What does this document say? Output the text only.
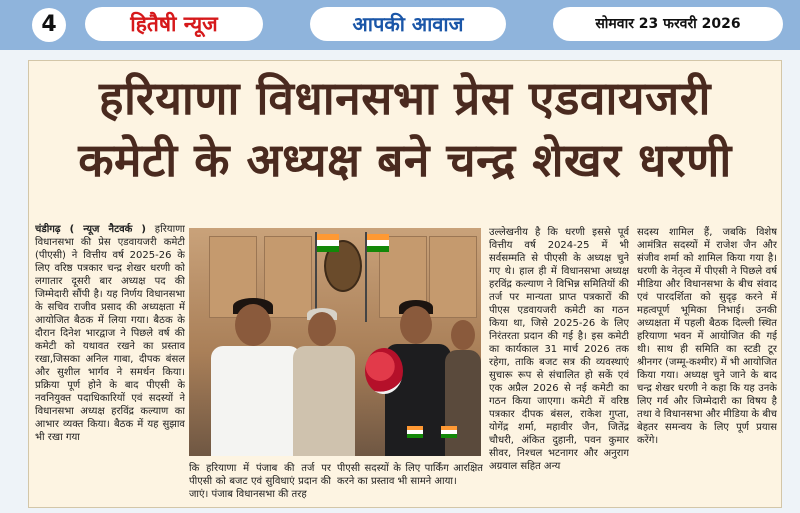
4	हितैषी न्यूज	आपकी आवाज	सोमवार 23 फरवरी 2026
हरियाणा विधानसभा प्रेस एडवायजरी
कमेटी के अध्यक्ष बने चन्द्र शेखर धरणी
चंडीगढ़ ( न्यूज नैटवर्क ) हरियाणा विधानसभा की प्रेस एडवायजरी कमेटी (पीएसी) ने वित्तीय वर्ष 2025-26 के लिए वरिष्ठ पत्रकार चन्द्र शेखर धरणी को लगातार दूसरी बार अध्यक्ष पद की जिम्मेदारी सौंपी है। यह निर्णय विधानसभा के सचिव राजीव प्रसाद की अध्यक्षता में आयोजित बैठक में लिया गया। बैठक के दौरान दिनेश भारद्वाज ने पिछले वर्ष की कमेटी को यथावत रखने का प्रस्ताव रखा,जिसका अनिल गाबा, दीपक बंसल और सुशील भार्गव ने समर्थन किया। प्रक्रिया पूर्ण होने के बाद पीएसी के नवनियुक्त पदाधिकारियों एवं सदस्यों ने विधानसभा अध्यक्ष हरविंद्र कल्याण का आभार व्यक्त किया। बैठक में यह सुझाव भी रखा गया
कि हरियाणा में पंजाब की तर्ज पर पीएसी को बजट एवं सुविधाएं प्रदान की जाएं। पंजाब विधानसभा की तरह
पीएसी सदस्यों के लिए पार्किंग आरक्षित करने का प्रस्ताव भी सामने आया।
उल्लेखनीय है कि धरणी इससे पूर्व वित्तीय वर्ष 2024-25 में भी सर्वसम्मति से पीएसी के अध्यक्ष चुने गए थे। हाल ही में विधानसभा अध्यक्ष हरविंद्र कल्याण ने विभिन्न समितियों की तर्ज पर मान्यता प्राप्त पत्रकारों की पीएस एडवायजरी कमेटी का गठन किया था, जिसे 2025-26 के लिए निरंतरता प्रदान की गई है। इस कमेटी का कार्यकाल 31 मार्च 2026 तक रहेगा, ताकि बजट सत्र की व्यवस्थाएं सुचारू रूप से संचालित हो सकें एवं एक अप्रैल 2026 से नई कमेटी का गठन किया जाएगा। कमेटी में वरिष्ठ पत्रकार दीपक बंसल, राकेश गुप्ता, योगेंद्र शर्मा, महावीर जैन, जितेंद्र चौधरी, अंकित दुहानी, पवन कुमार सीवर, निश्चल भटनागर और अनुराग अग्रवाल सहित अन्य
सदस्य शामिल हैं, जबकि विशेष आमंत्रित सदस्यों में राजेश जैन और संजीव शर्मा को शामिल किया गया है। धरणी के नेतृत्व में पीएसी ने पिछले वर्ष मीडिया और विधानसभा के बीच संवाद एवं पारदर्शिता को सुदृढ़ करने में महत्वपूर्ण भूमिका निभाई। उनकी अध्यक्षता में पहली बैठक दिल्ली स्थित हरियाणा भवन में आयोजित की गई थी। साथ ही समिति का स्टडी टूर श्रीनगर (जम्मू-कश्मीर) में भी आयोजित किया गया। अध्यक्ष चुने जाने के बाद चन्द्र शेखर धरणी ने कहा कि यह उनके लिए गर्व और जिम्मेदारी का विषय है तथा वे विधानसभा और मीडिया के बीच बेहतर समन्वय के लिए पूर्ण प्रयास करेंगे।
